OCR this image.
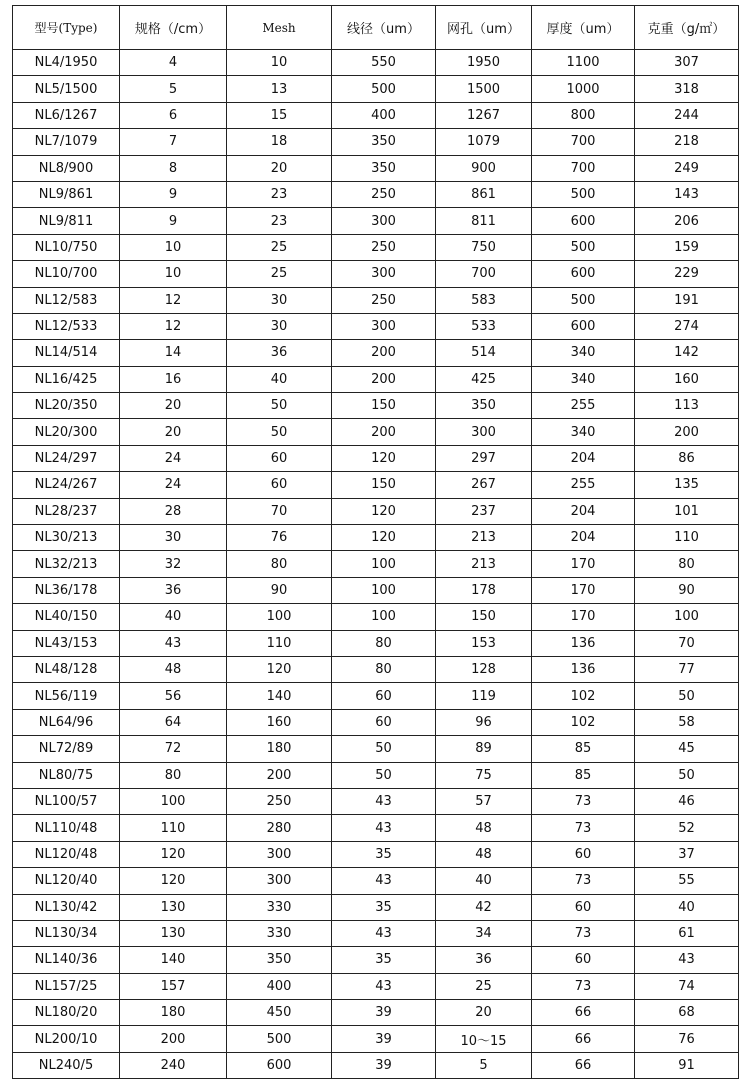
型号(Type)	规格（/cm）	Mesh	线径（um）	网孔（um）	厚度（um）	克重（g/㎡）
NL4/1950	4	10	550	1950	1100	307
NL5/1500	5	13	500	1500	1000	318
NL6/1267	6	15	400	1267	800	244
NL7/1079	7	18	350	1079	700	218
NL8/900	8	20	350	900	700	249
NL9/861	9	23	250	861	500	143
NL9/811	9	23	300	811	600	206
NL10/750	10	25	250	750	500	159
NL10/700	10	25	300	700	600	229
NL12/583	12	30	250	583	500	191
NL12/533	12	30	300	533	600	274
NL14/514	14	36	200	514	340	142
NL16/425	16	40	200	425	340	160
NL20/350	20	50	150	350	255	113
NL20/300	20	50	200	300	340	200
NL24/297	24	60	120	297	204	86
NL24/267	24	60	150	267	255	135
NL28/237	28	70	120	237	204	101
NL30/213	30	76	120	213	204	110
NL32/213	32	80	100	213	170	80
NL36/178	36	90	100	178	170	90
NL40/150	40	100	100	150	170	100
NL43/153	43	110	80	153	136	70
NL48/128	48	120	80	128	136	77
NL56/119	56	140	60	119	102	50
NL64/96	64	160	60	96	102	58
NL72/89	72	180	50	89	85	45
NL80/75	80	200	50	75	85	50
NL100/57	100	250	43	57	73	46
NL110/48	110	280	43	48	73	52
NL120/48	120	300	35	48	60	37
NL120/40	120	300	43	40	73	55
NL130/42	130	330	35	42	60	40
NL130/34	130	330	43	34	73	61
NL140/36	140	350	35	36	60	43
NL157/25	157	400	43	25	73	74
NL180/20	180	450	39	20	66	68
NL200/10	200	500	39	10～15	66	76
NL240/5	240	600	39	5	66	91
